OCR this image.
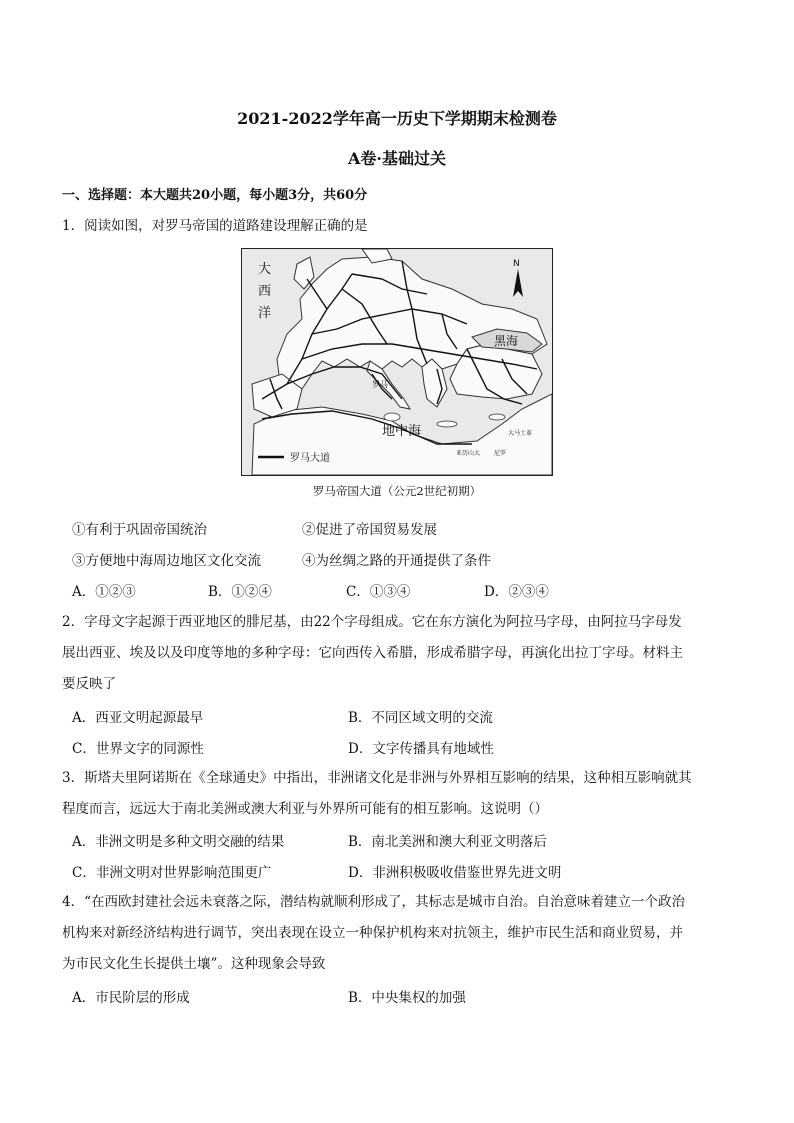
2021-2022学年高一历史下学期期末检测卷
A卷·基础过关
一、选择题：本大题共20小题，每小题3分，共60分
1．阅读如图，对罗马帝国的道路建设理解正确的是
大
西
洋
黑海
罗马
地中海	大马士革
亚历山大 尼罗
N
罗马大道
罗马帝国大道（公元2世纪初期）
①有利于巩固帝国统治	②促进了帝国贸易发展
③方便地中海周边地区文化交流	④为丝绸之路的开通提供了条件
A．①②③	B．①②④	C．①③④	D．②③④
2．字母文字起源于西亚地区的腓尼基，由22个字母组成。它在东方演化为阿拉马字母，由阿拉马字母发
展出西亚、埃及以及印度等地的多种字母：它向西传入希腊，形成希腊字母，再演化出拉丁字母。材料主
要反映了
A．西亚文明起源最早	B．不同区域文明的交流
C．世界文字的同源性	D．文字传播具有地域性
3．斯塔夫里阿诺斯在《全球通史》中指出，非洲诸文化是非洲与外界相互影响的结果，这种相互影响就其
程度而言，远远大于南北美洲或澳大利亚与外界所可能有的相互影响。这说明（）
A．非洲文明是多种文明交融的结果	B．南北美洲和澳大利亚文明落后
C．非洲文明对世界影响范围更广	D．非洲积极吸收借鉴世界先进文明
4．“在西欧封建社会远未衰落之际，潜结构就顺利形成了，其标志是城市自治。自治意味着建立一个政治
机构来对新经济结构进行调节，突出表现在设立一种保护机构来对抗领主，维护市民生活和商业贸易，并
为市民文化生长提供土壤”。这种现象会导致
A．市民阶层的形成	B．中央集权的加强
